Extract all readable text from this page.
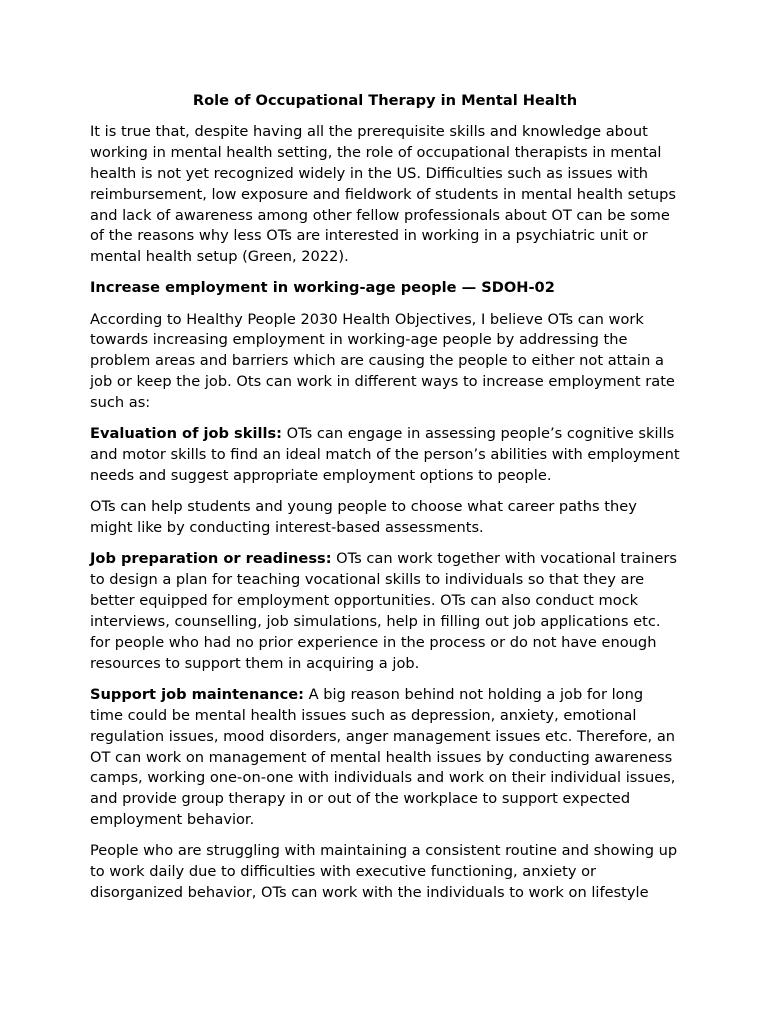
Role of Occupational Therapy in Mental Health

It is true that, despite having all the prerequisite skills and knowledge about working in mental health setting, the role of occupational therapists in mental health is not yet recognized widely in the US. Difficulties such as issues with reimbursement, low exposure and fieldwork of students in mental health setups and lack of awareness among other fellow professionals about OT can be some of the reasons why less OTs are interested in working in a psychiatric unit or mental health setup (Green, 2022).

Increase employment in working-age people — SDOH-02

According to Healthy People 2030 Health Objectives, I believe OTs can work towards increasing employment in working-age people by addressing the problem areas and barriers which are causing the people to either not attain a job or keep the job. Ots can work in different ways to increase employment rate such as:

Evaluation of job skills: OTs can engage in assessing people’s cognitive skills and motor skills to find an ideal match of the person’s abilities with employment needs and suggest appropriate employment options to people.

OTs can help students and young people to choose what career paths they might like by conducting interest-based assessments.

Job preparation or readiness: OTs can work together with vocational trainers to design a plan for teaching vocational skills to individuals so that they are better equipped for employment opportunities. OTs can also conduct mock interviews, counselling, job simulations, help in filling out job applications etc. for people who had no prior experience in the process or do not have enough resources to support them in acquiring a job.

Support job maintenance: A big reason behind not holding a job for long time could be mental health issues such as depression, anxiety, emotional regulation issues, mood disorders, anger management issues etc. Therefore, an OT can work on management of mental health issues by conducting awareness camps, working one-on-one with individuals and work on their individual issues, and provide group therapy in or out of the workplace to support expected employment behavior.

People who are struggling with maintaining a consistent routine and showing up to work daily due to difficulties with executive functioning, anxiety or disorganized behavior, OTs can work with the individuals to work on lifestyle
